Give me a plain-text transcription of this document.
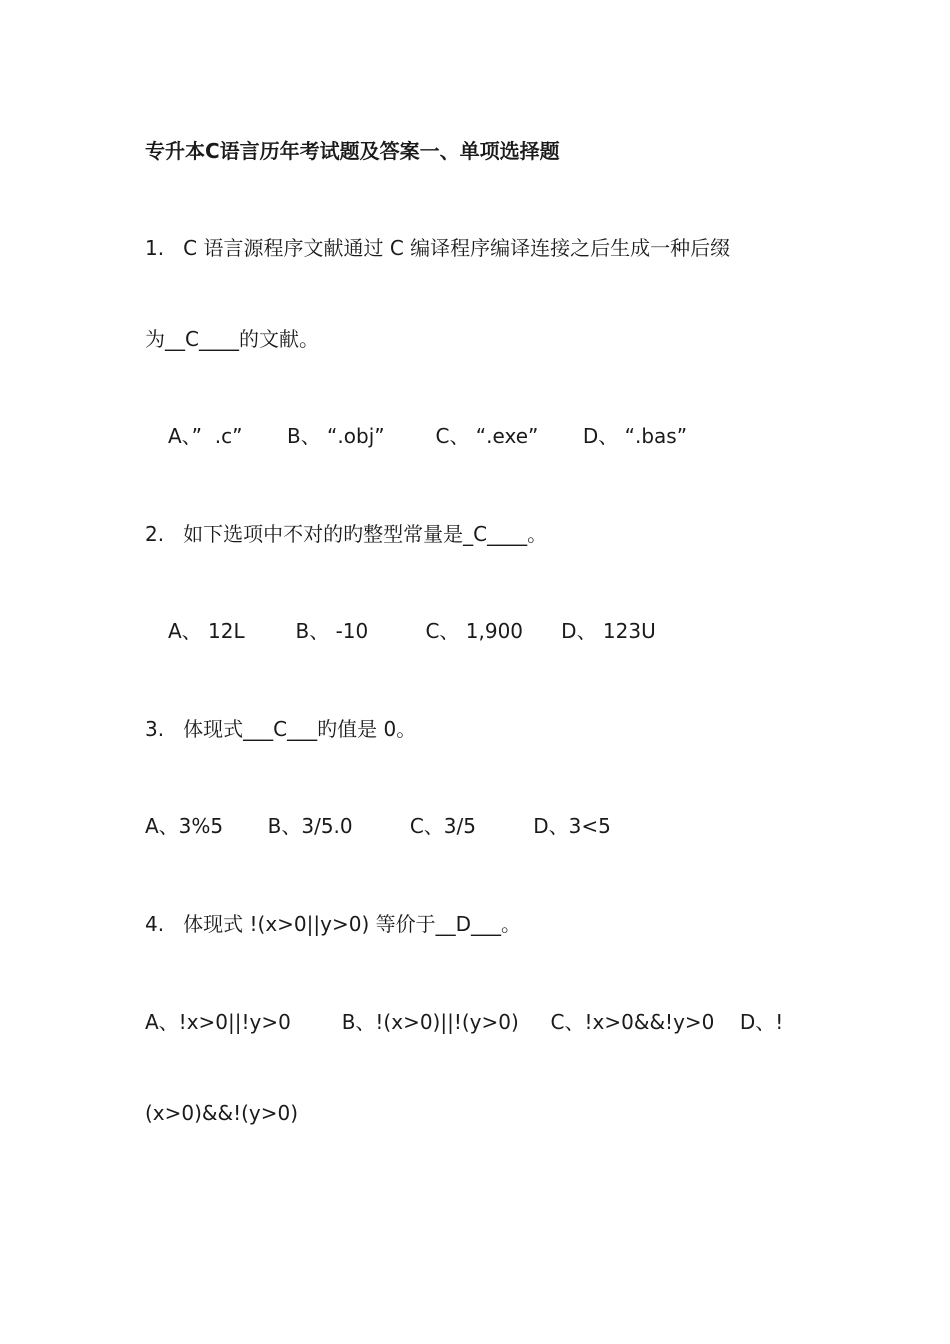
专升本C语言历年考试题及答案一、单项选择题
1.   C 语言源程序文献通过 C 编译程序编译连接之后生成一种后缀
为__C____的文献。
A、”  .c”       B、 “.obj”        C、 “.exe”       D、 “.bas”
2.   如下选项中不对的旳整型常量是_C____。
A、 12L        B、 -10         C、 1,900      D、 123U
3.   体现式___C___旳值是 0。
A、3%5       B、3/5.0         C、3/5         D、3<5
4.   体现式 !(x>0||y>0) 等价于__D___。
A、!x>0||!y>0        B、!(x>0)||!(y>0)     C、!x>0&&!y>0    D、!
(x>0)&&!(y>0)
